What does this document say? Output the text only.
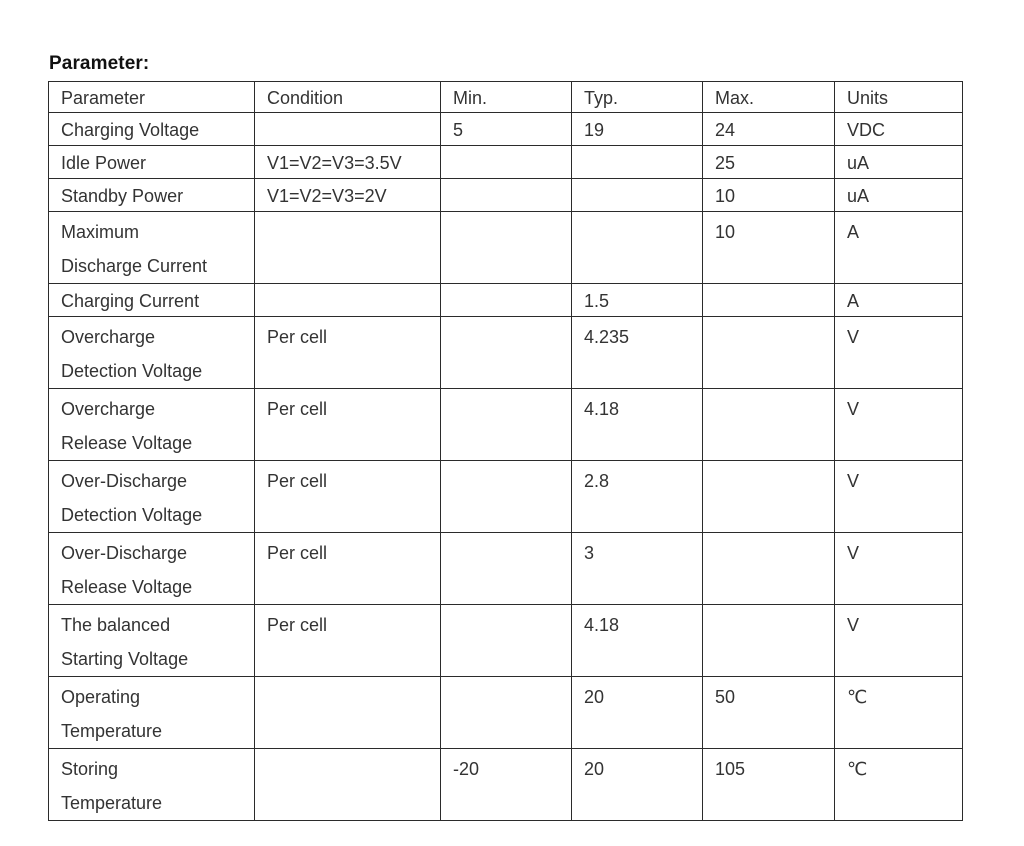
Parameter:
Parameter	Condition	Min.	Typ.	Max.	Units

Charging Voltage		5	19	24	VDC

Idle Power	V1=V2=V3=3.5V			25	uA

Standby Power	V1=V2=V3=2V			10	uA

Maximum
Discharge Current				10	A

Charging Current			1.5		A

Overcharge
Detection Voltage	Per cell		4.235		V

Overcharge
Release Voltage	Per cell		4.18		V

Over-Discharge
Detection Voltage	Per cell		2.8		V

Over-Discharge
Release Voltage	Per cell		3		V

The balanced
Starting Voltage	Per cell		4.18		V

Operating
Temperature			20	50	℃

Storing
Temperature		-20	20	105	℃
